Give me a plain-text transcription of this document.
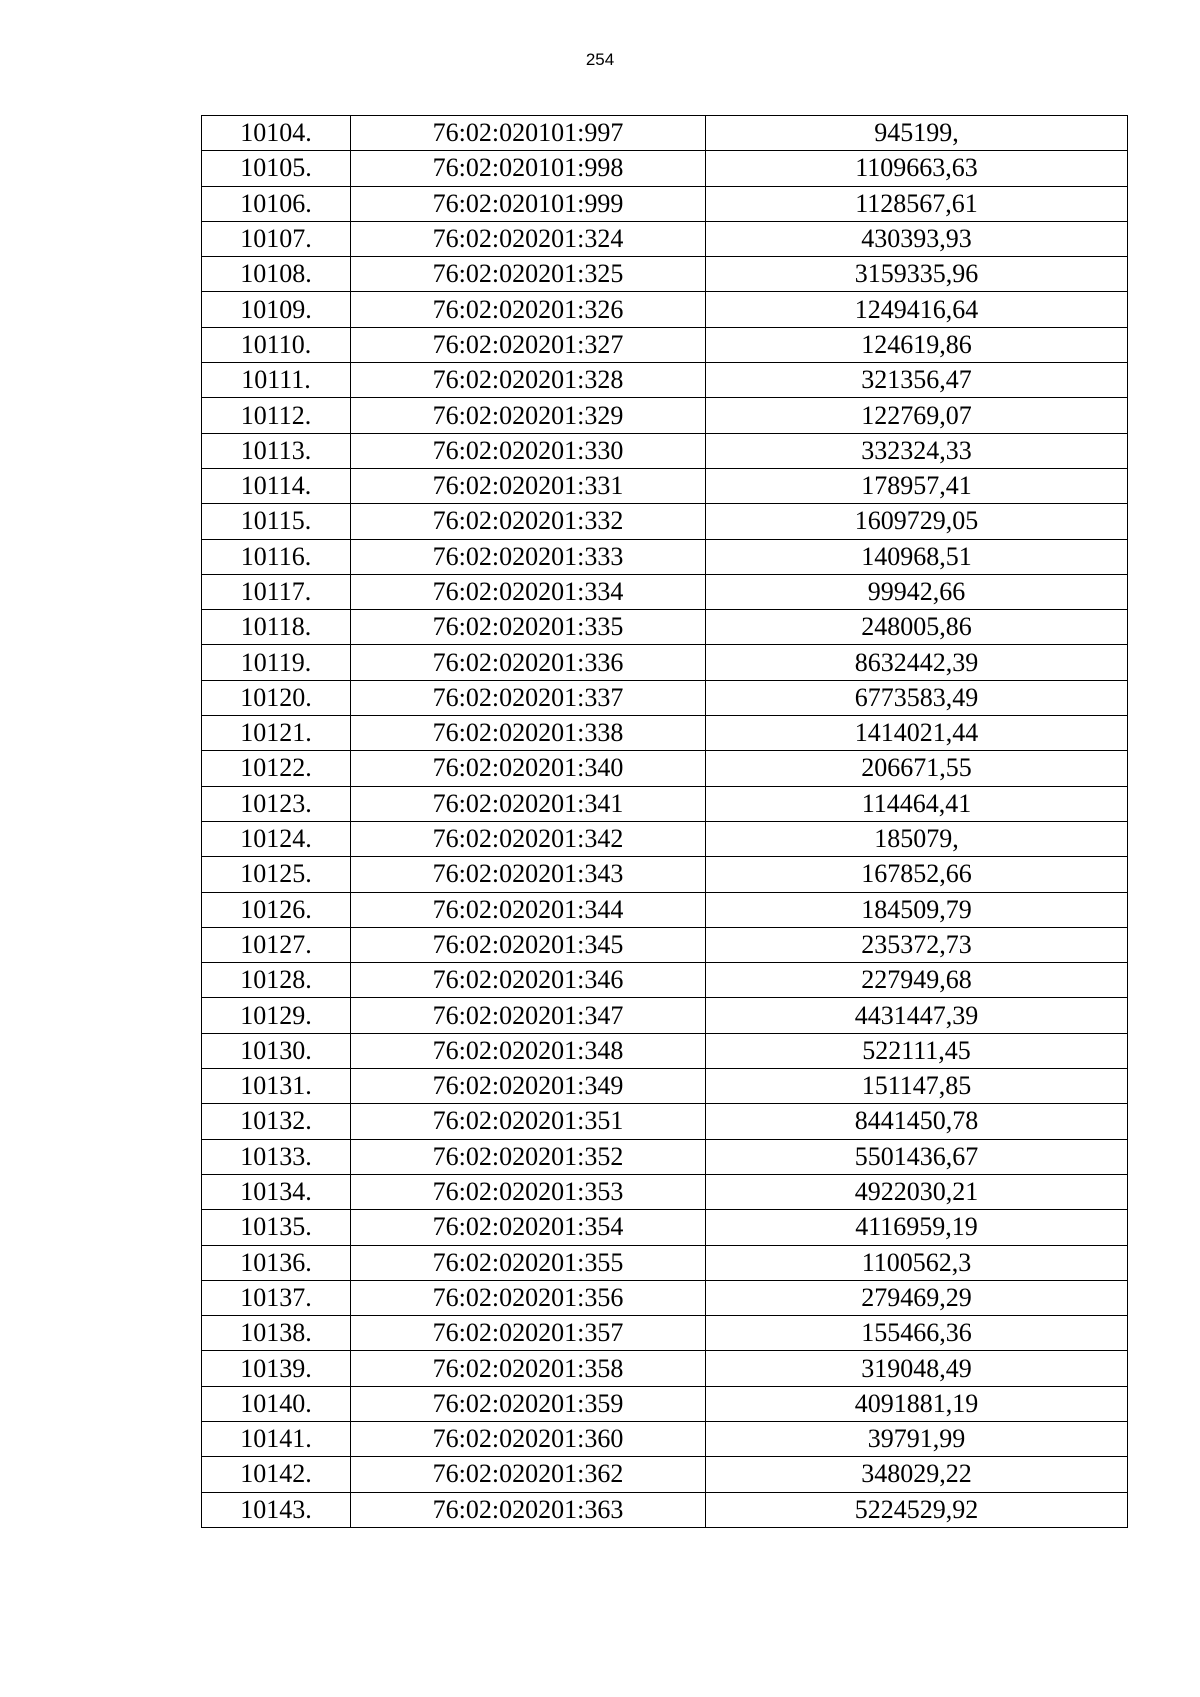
254
10104.	76:02:020101:997	945199,
10105.	76:02:020101:998	1109663,63
10106.	76:02:020101:999	1128567,61
10107.	76:02:020201:324	430393,93
10108.	76:02:020201:325	3159335,96
10109.	76:02:020201:326	1249416,64
10110.	76:02:020201:327	124619,86
10111.	76:02:020201:328	321356,47
10112.	76:02:020201:329	122769,07
10113.	76:02:020201:330	332324,33
10114.	76:02:020201:331	178957,41
10115.	76:02:020201:332	1609729,05
10116.	76:02:020201:333	140968,51
10117.	76:02:020201:334	99942,66
10118.	76:02:020201:335	248005,86
10119.	76:02:020201:336	8632442,39
10120.	76:02:020201:337	6773583,49
10121.	76:02:020201:338	1414021,44
10122.	76:02:020201:340	206671,55
10123.	76:02:020201:341	114464,41
10124.	76:02:020201:342	185079,
10125.	76:02:020201:343	167852,66
10126.	76:02:020201:344	184509,79
10127.	76:02:020201:345	235372,73
10128.	76:02:020201:346	227949,68
10129.	76:02:020201:347	4431447,39
10130.	76:02:020201:348	522111,45
10131.	76:02:020201:349	151147,85
10132.	76:02:020201:351	8441450,78
10133.	76:02:020201:352	5501436,67
10134.	76:02:020201:353	4922030,21
10135.	76:02:020201:354	4116959,19
10136.	76:02:020201:355	1100562,3
10137.	76:02:020201:356	279469,29
10138.	76:02:020201:357	155466,36
10139.	76:02:020201:358	319048,49
10140.	76:02:020201:359	4091881,19
10141.	76:02:020201:360	39791,99
10142.	76:02:020201:362	348029,22
10143.	76:02:020201:363	5224529,92
